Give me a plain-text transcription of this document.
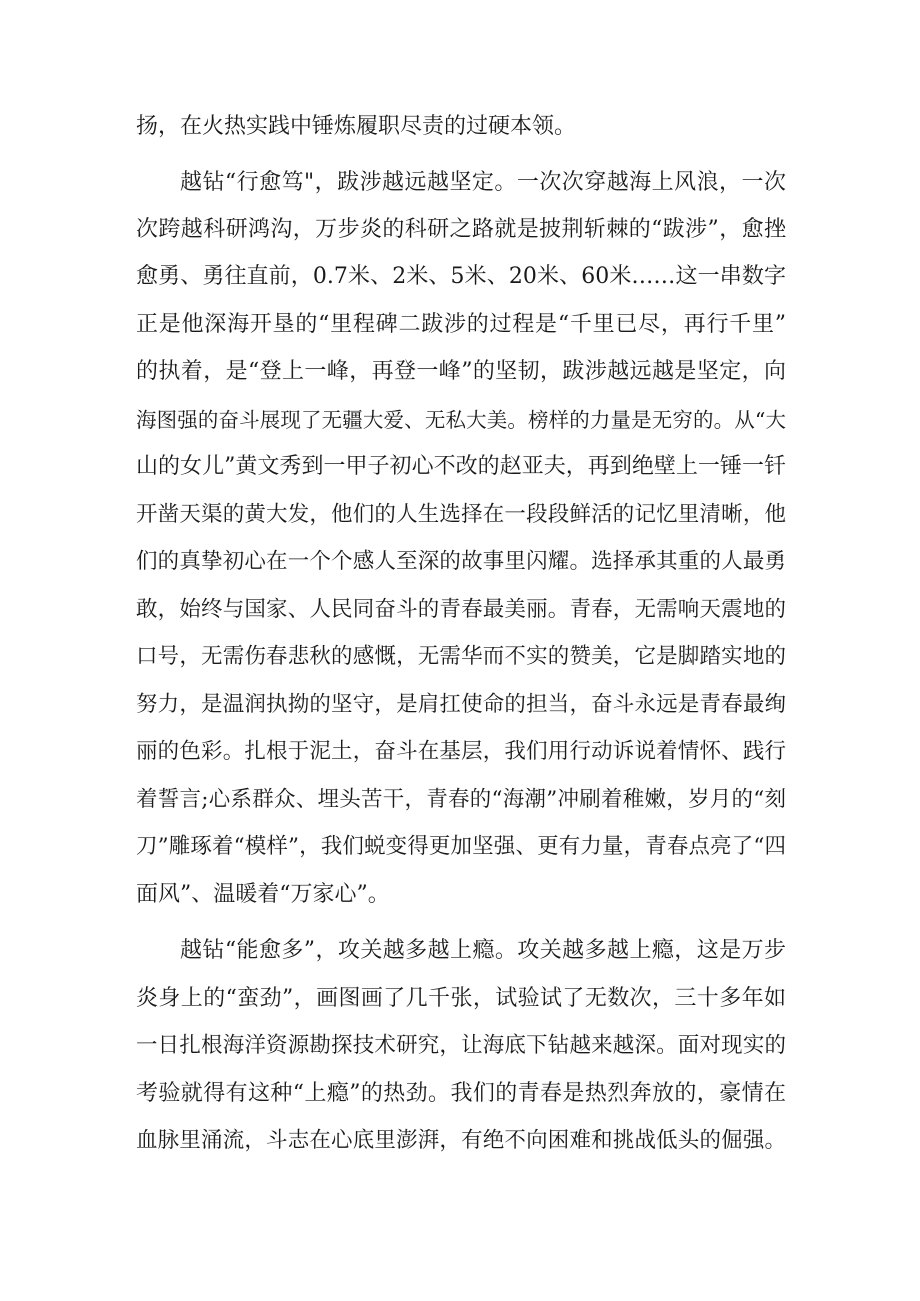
扬，在火热实践中锤炼履职尽责的过硬本领。
越钻“行愈笃"，跋涉越远越坚定。一次次穿越海上风浪，一次
次跨越科研鸿沟，万步炎的科研之路就是披荆斩棘的“跋涉”，愈挫
愈勇、勇往直前，0.7米、2米、5米、20米、60米……这一串数字
正是他深海开垦的“里程碑二跋涉的过程是“千里已尽，再行千里”
的执着，是“登上一峰，再登一峰”的坚韧，跋涉越远越是坚定，向
海图强的奋斗展现了无疆大爱、无私大美。榜样的力量是无穷的。从“大
山的女儿”黄文秀到一甲子初心不改的赵亚夫，再到绝壁上一锤一钎
开凿天渠的黄大发，他们的人生选择在一段段鲜活的记忆里清晰，他
们的真挚初心在一个个感人至深的故事里闪耀。选择承其重的人最勇
敢，始终与国家、人民同奋斗的青春最美丽。青春，无需响天震地的
口号，无需伤春悲秋的感慨，无需华而不实的赞美，它是脚踏实地的
努力，是温润执拗的坚守，是肩扛使命的担当，奋斗永远是青春最绚
丽的色彩。扎根于泥土，奋斗在基层，我们用行动诉说着情怀、践行
着誓言;心系群众、埋头苦干，青春的“海潮”冲刷着稚嫩，岁月的“刻
刀”雕琢着“模样”，我们蜕变得更加坚强、更有力量，青春点亮了“四
面风”、温暖着“万家心”。
越钻“能愈多”，攻关越多越上瘾。攻关越多越上瘾，这是万步
炎身上的“蛮劲”，画图画了几千张，试验试了无数次，三十多年如
一日扎根海洋资源勘探技术研究，让海底下钻越来越深。面对现实的
考验就得有这种“上瘾”的热劲。我们的青春是热烈奔放的，豪情在
血脉里涌流，斗志在心底里澎湃，有绝不向困难和挑战低头的倔强。
